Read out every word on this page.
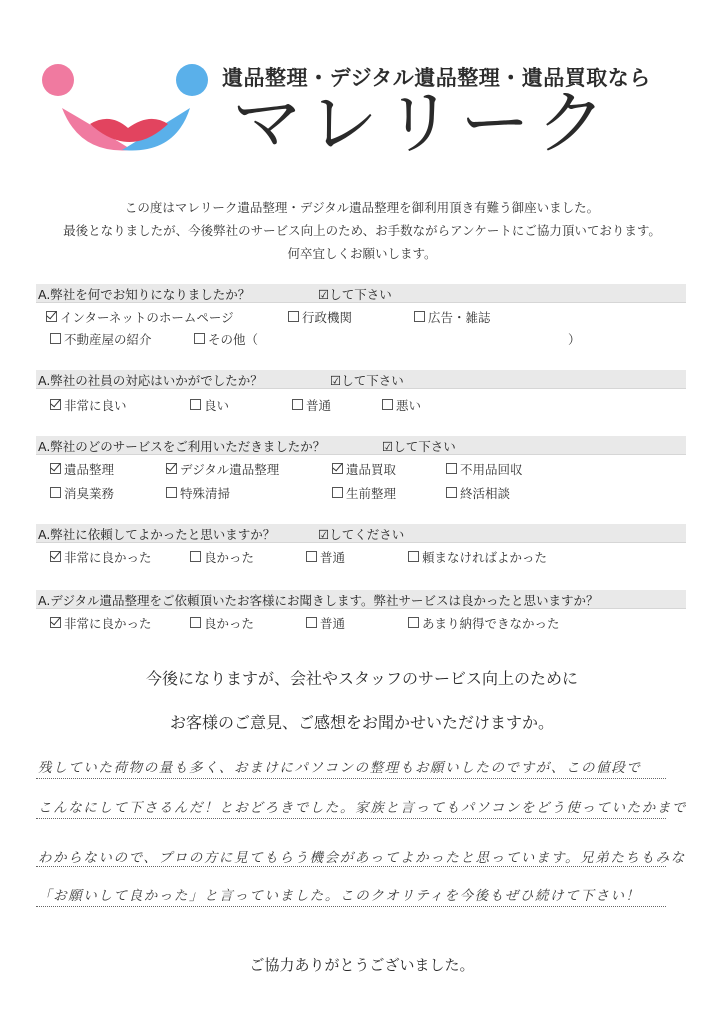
遺品整理・デジタル遺品整理・遺品買取なら
マレリーク
この度はマレリーク遺品整理・デジタル遺品整理を御利用頂き有難う御座いました。
最後となりましたが、今後弊社のサービス向上のため、お手数ながらアンケートにご協力頂いております。
何卒宜しくお願いします。
A.弊社を何でお知りになりましたか？	☑して下さい
インターネットのホームページ	行政機関	広告・雑誌
不動産屋の紹介	その他（	）
A.弊社の社員の対応はいかがでしたか？	☑して下さい
非常に良い	良い	普通	悪い
A.弊社のどのサービスをご利用いただきましたか？	☑して下さい
遺品整理	デジタル遺品整理	遺品買取	不用品回収
消臭業務	特殊清掃	生前整理	終活相談
A.弊社に依頼してよかったと思いますか？	☑してください
非常に良かった	良かった	普通	頼まなければよかった
A.デジタル遺品整理をご依頼頂いたお客様にお聞きします。弊社サービスは良かったと思いますか？
非常に良かった	良かった	普通	あまり納得できなかった
今後になりますが、会社やスタッフのサービス向上のために
お客様のご意見、ご感想をお聞かせいただけますか。
残していた荷物の量も多く、おまけにパソコンの整理もお願いしたのですが、この値段で
こんなにして下さるんだ！とおどろきでした。家族と言ってもパソコンをどう使っていたかまで
わからないので、プロの方に見てもらう機会があってよかったと思っています。兄弟たちもみな
「お願いして良かった」と言っていました。このクオリティを今後もぜひ続けて下さい！
ご協力ありがとうございました。
